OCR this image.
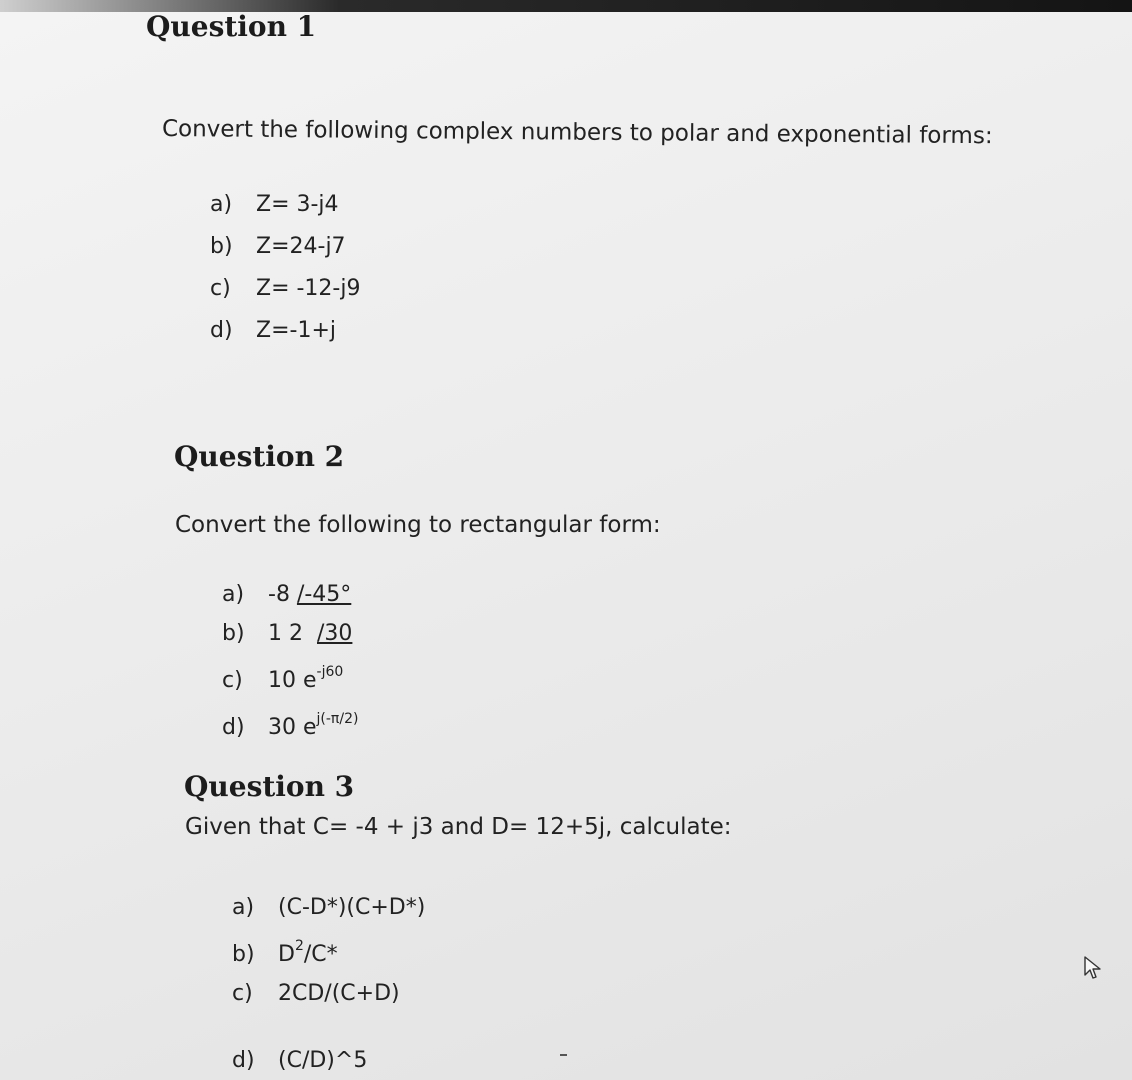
Question 1

Convert the following complex numbers to polar and exponential forms:

a) Z= 3-j4
b) Z=24-j7
c) Z= -12-j9
d) Z=-1+j
Question 2

Convert the following to rectangular form:

a) -8 /-45°
b) 1 2 /30
c) 10 $e^{-j60}$
d) 30 $e^{j(-\pi/2)}$
Question 3

Given that C= -4 + j3 and D= 12+5j, calculate:

a) (C-D*)(C+D*)
b) $D^2/C*$
c) 2CD/(C+D)
d) (C/D)^5
